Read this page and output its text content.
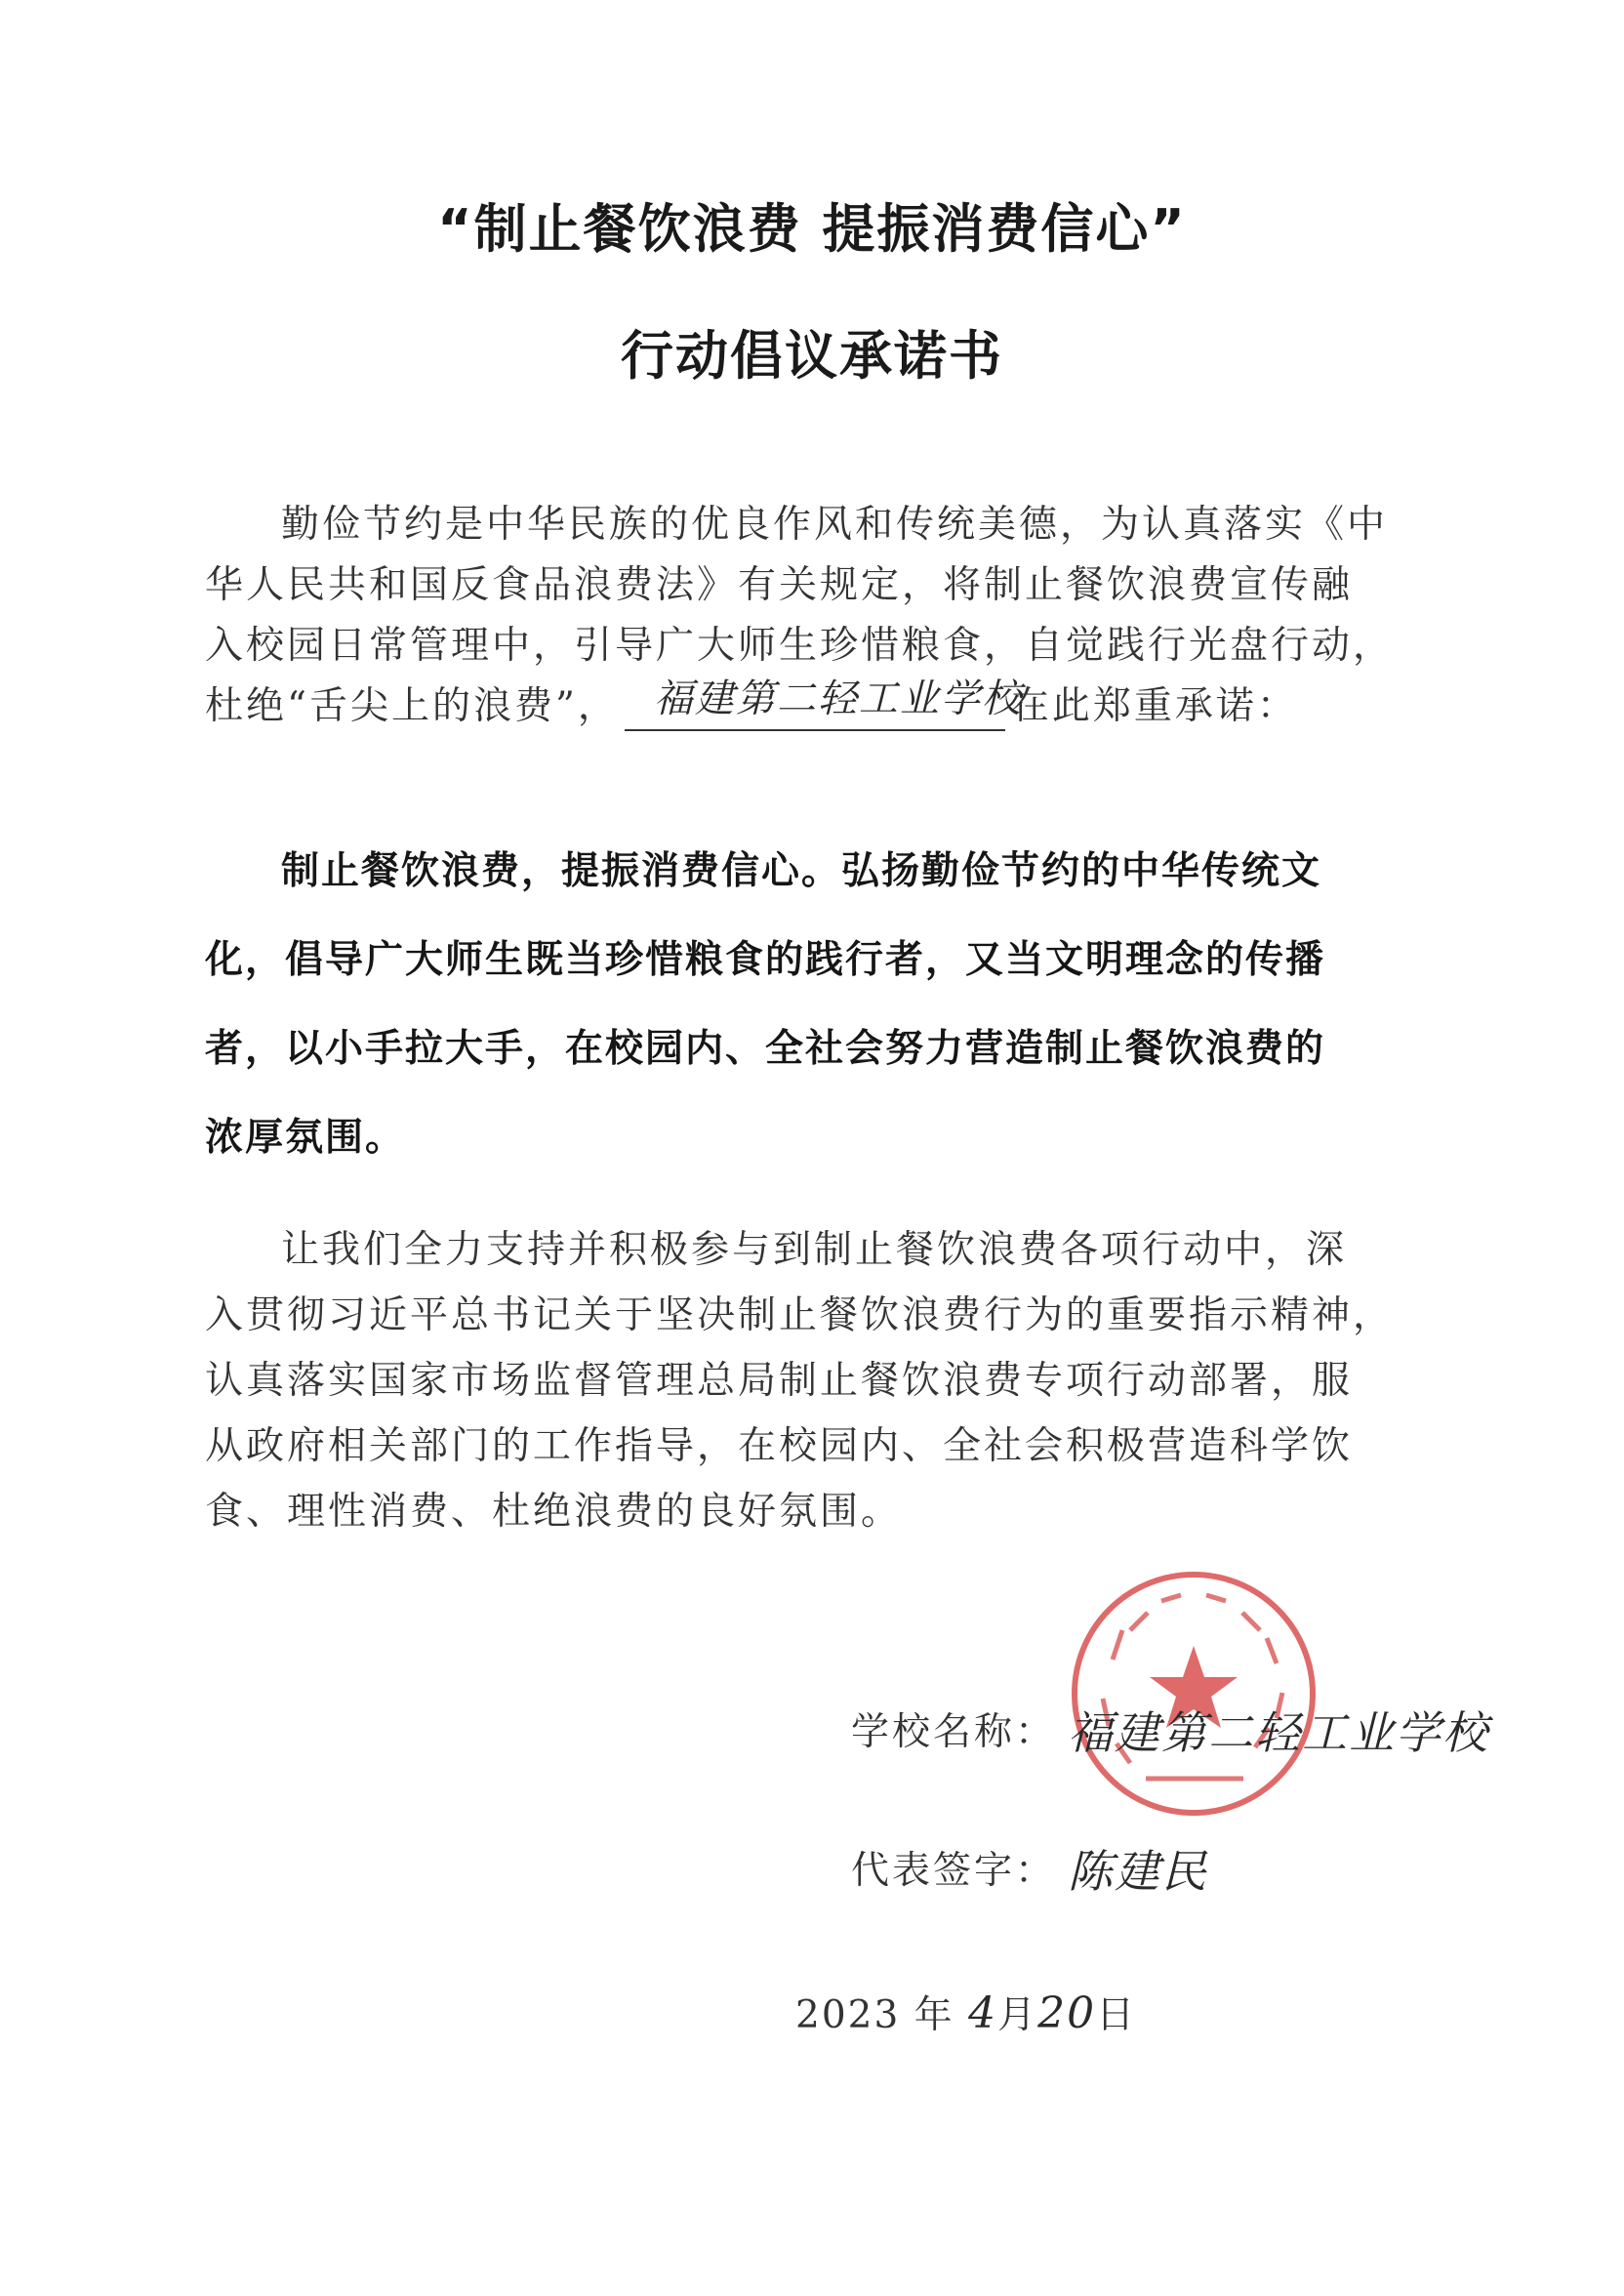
“制止餐饮浪费 提振消费信心”
行动倡议承诺书
勤俭节约是中华民族的优良作风和传统美德，为认真落实《中
华人民共和国反食品浪费法》有关规定，将制止餐饮浪费宣传融
入校园日常管理中，引导广大师生珍惜粮食，自觉践行光盘行动，
杜绝“舌尖上的浪费”， 福建第二轻工业学校
在此郑重承诺：
制止餐饮浪费，提振消费信心。弘扬勤俭节约的中华传统文
化，倡导广大师生既当珍惜粮食的践行者，又当文明理念的传播
者，以小手拉大手，在校园内、全社会努力营造制止餐饮浪费的
浓厚氛围。
让我们全力支持并积极参与到制止餐饮浪费各项行动中，深
入贯彻习近平总书记关于坚决制止餐饮浪费行为的重要指示精神，
认真落实国家市场监督管理总局制止餐饮浪费专项行动部署，服
从政府相关部门的工作指导，在校园内、全社会积极营造科学饮
食、理性消费、杜绝浪费的良好氛围。
学校名称： 福建第二轻工业学校
代表签字： 陈建民
2023 年 4月20日
